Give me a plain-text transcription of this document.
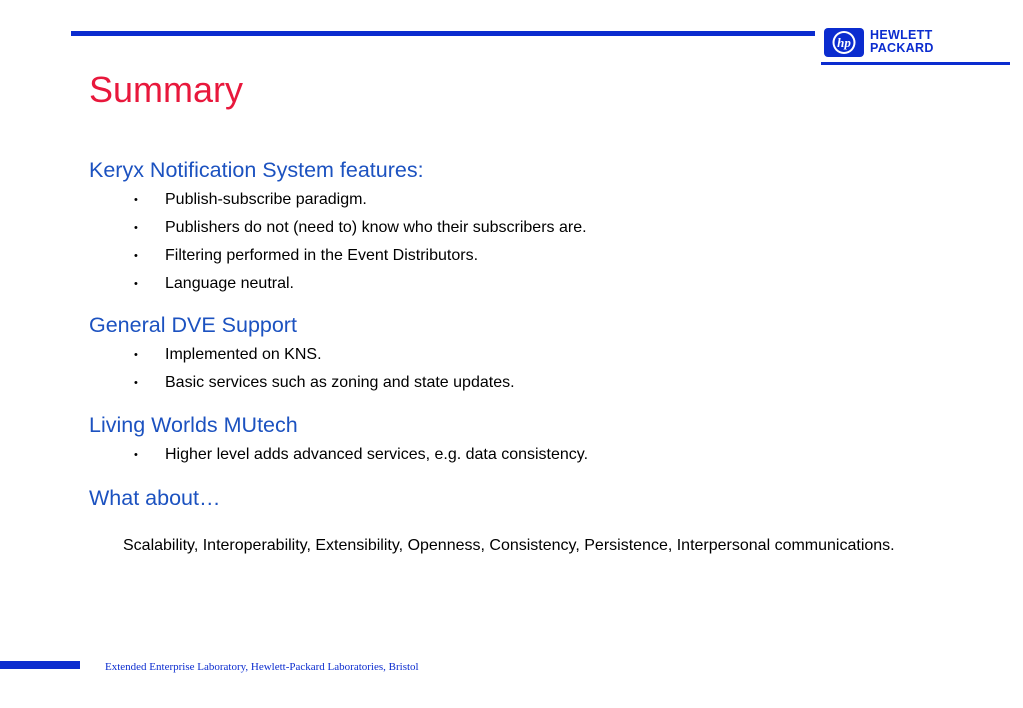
hp HEWLETT
PACKARD
Summary
Keryx Notification System features:
• Publish-subscribe paradigm.
• Publishers do not (need to) know who their subscribers are.
• Filtering performed in the Event Distributors.
• Language neutral.
General DVE Support
• Implemented on KNS.
• Basic services such as zoning and state updates.
Living Worlds MUtech
• Higher level adds advanced services, e.g. data consistency.
What about…

Scalability, Interoperability, Extensibility, Openness, Consistency, Persistence, Interpersonal communications.

Extended Enterprise Laboratory, Hewlett-Packard Laboratories, Bristol
